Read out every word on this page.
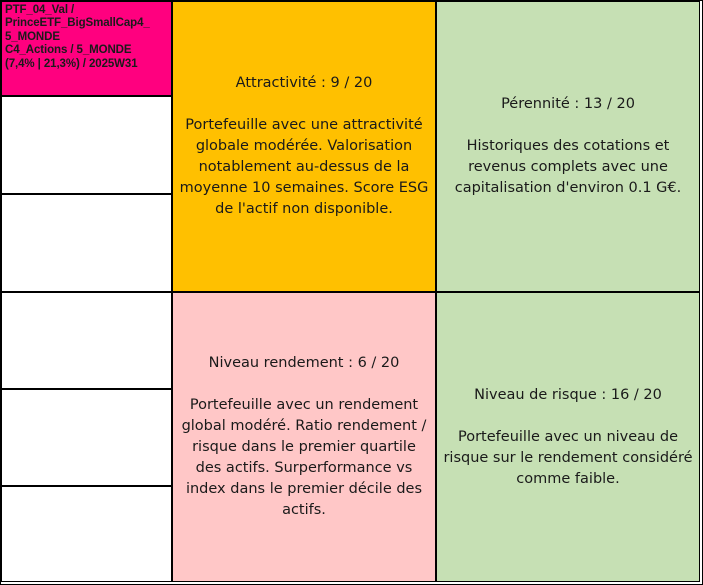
PTF_04_Val /
PrinceETF_BigSmallCap4_
5_MONDE
C4_Actions / 5_MONDE
(7,4% | 21,3%) / 2025W31

Attractivité : 9 / 20

Portefeuille avec une attractivité globale modérée. Valorisation notablement au-dessus de la moyenne 10 semaines. Score ESG de l'actif non disponible.

Pérennité : 13 / 20

Historiques des cotations et revenus complets avec une capitalisation d'environ 0.1 G€.

Niveau rendement : 6 / 20

Portefeuille avec un rendement global modéré. Ratio rendement / risque dans le premier quartile des actifs. Surperformance vs index dans le premier décile des actifs.

Niveau de risque : 16 / 20

Portefeuille avec un niveau de risque sur le rendement considéré comme faible.
